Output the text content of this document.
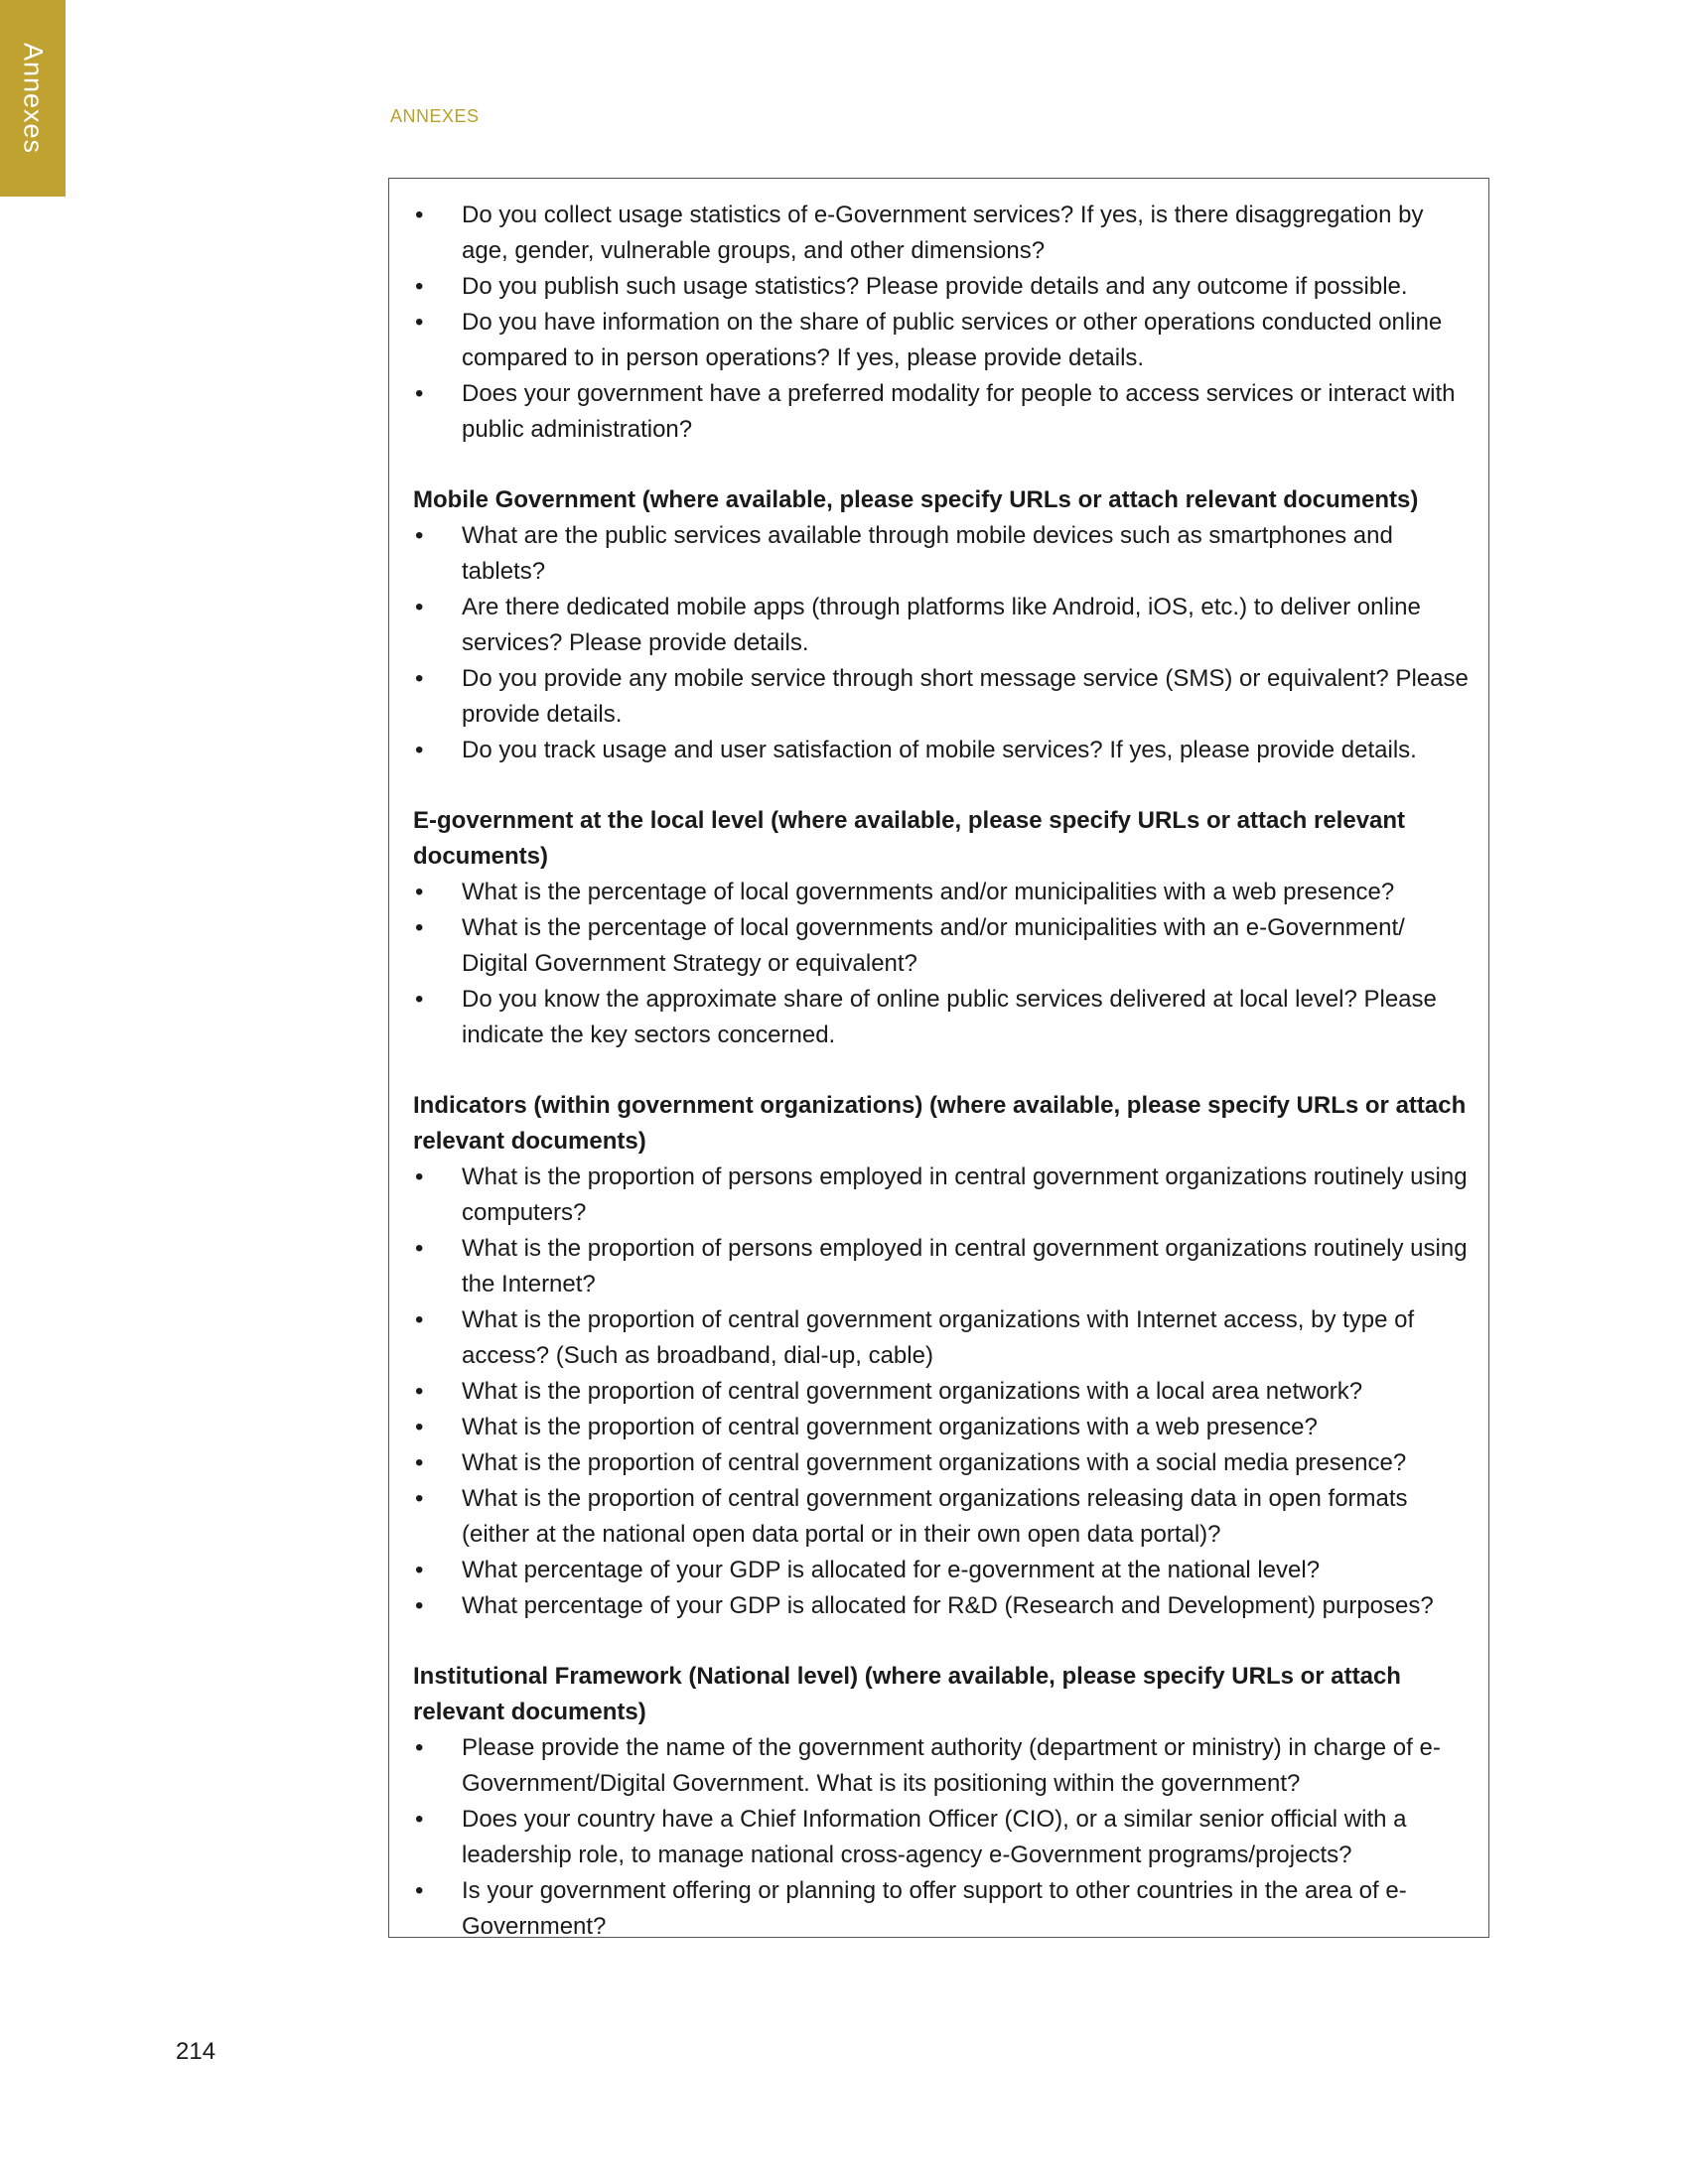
Annexes	ANNEXES
• Do you collect usage statistics of e-Government services? If yes, is there disaggregation by age, gender, vulnerable groups, and other dimensions?
• Do you publish such usage statistics? Please provide details and any outcome if possible.
• Do you have information on the share of public services or other operations conducted online compared to in person operations? If yes, please provide details.
• Does your government have a preferred modality for people to access services or interact with public administration?

Mobile Government (where available, please specify URLs or attach relevant documents)

• What are the public services available through mobile devices such as smartphones and tablets?
• Are there dedicated mobile apps (through platforms like Android, iOS, etc.) to deliver online services? Please provide details.
• Do you provide any mobile service through short message service (SMS) or equivalent? Please provide details.
• Do you track usage and user satisfaction of mobile services? If yes, please provide details.

E-government at the local level (where available, please specify URLs or attach relevant documents)

• What is the percentage of local governments and/or municipalities with a web presence?
• What is the percentage of local governments and/or municipalities with an e-Government/ Digital Government Strategy or equivalent?
• Do you know the approximate share of online public services delivered at local level? Please indicate the key sectors concerned.

Indicators (within government organizations) (where available, please specify URLs or attach relevant documents)

• What is the proportion of persons employed in central government organizations routinely using computers?
• What is the proportion of persons employed in central government organizations routinely using the Internet?
• What is the proportion of central government organizations with Internet access, by type of access? (Such as broadband, dial-up, cable)
• What is the proportion of central government organizations with a local area network?
• What is the proportion of central government organizations with a web presence?
• What is the proportion of central government organizations with a social media presence?
• What is the proportion of central government organizations releasing data in open formats (either at the national open data portal or in their own open data portal)?
• What percentage of your GDP is allocated for e-government at the national level?
• What percentage of your GDP is allocated for R&D (Research and Development) purposes?

Institutional Framework (National level) (where available, please specify URLs or attach relevant documents)

• Please provide the name of the government authority (department or ministry) in charge of e-Government/Digital Government. What is its positioning within the government?
• Does your country have a Chief Information Officer (CIO), or a similar senior official with a leadership role, to manage national cross-agency e-Government programs/projects?
• Is your government offering or planning to offer support to other countries in the area of e-Government?
214
